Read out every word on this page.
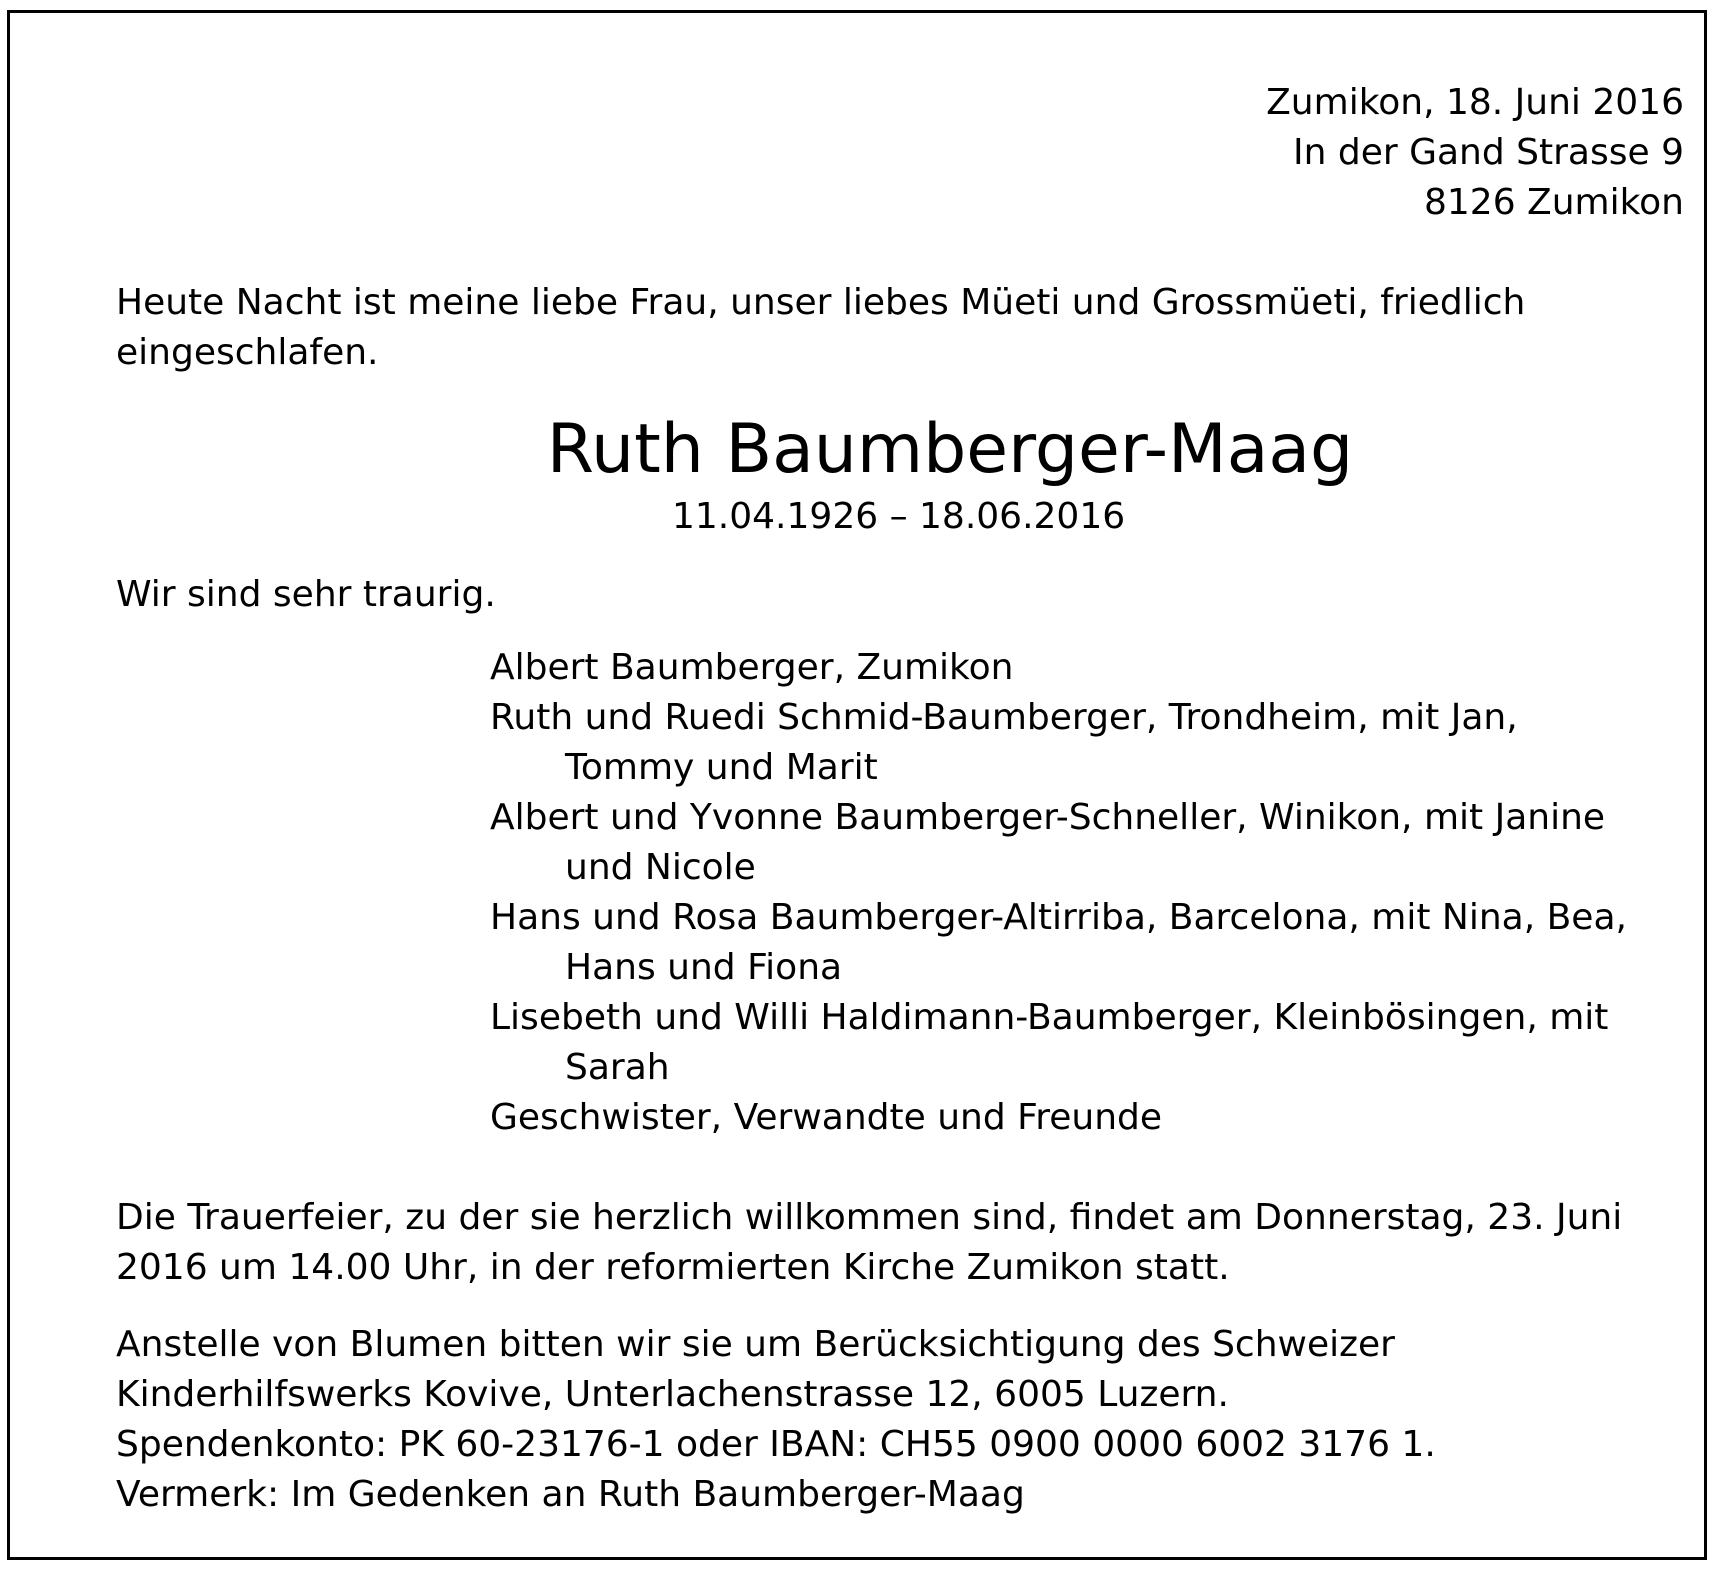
Zumikon, 18. Juni 2016
In der Gand Strasse 9
8126 Zumikon
Heute Nacht ist meine liebe Frau, unser liebes Müeti und Grossmüeti, friedlich
eingeschlafen.
Ruth Baumberger-Maag
11.04.1926 – 18.06.2016
Wir sind sehr traurig.
Albert Baumberger, Zumikon
Ruth und Ruedi Schmid-Baumberger, Trondheim, mit Jan,
Tommy und Marit
Albert und Yvonne Baumberger-Schneller, Winikon, mit Janine
und Nicole
Hans und Rosa Baumberger-Altirriba, Barcelona, mit Nina, Bea,
Hans und Fiona
Lisebeth und Willi Haldimann-Baumberger, Kleinbösingen, mit
Sarah
Geschwister, Verwandte und Freunde
Die Trauerfeier, zu der sie herzlich willkommen sind, findet am Donnerstag, 23. Juni
2016 um 14.00 Uhr, in der reformierten Kirche Zumikon statt.
Anstelle von Blumen bitten wir sie um Berücksichtigung des Schweizer
Kinderhilfswerks Kovive, Unterlachenstrasse 12, 6005 Luzern.
Spendenkonto: PK 60-23176-1 oder IBAN: CH55 0900 0000 6002 3176 1.
Vermerk: Im Gedenken an Ruth Baumberger-Maag
